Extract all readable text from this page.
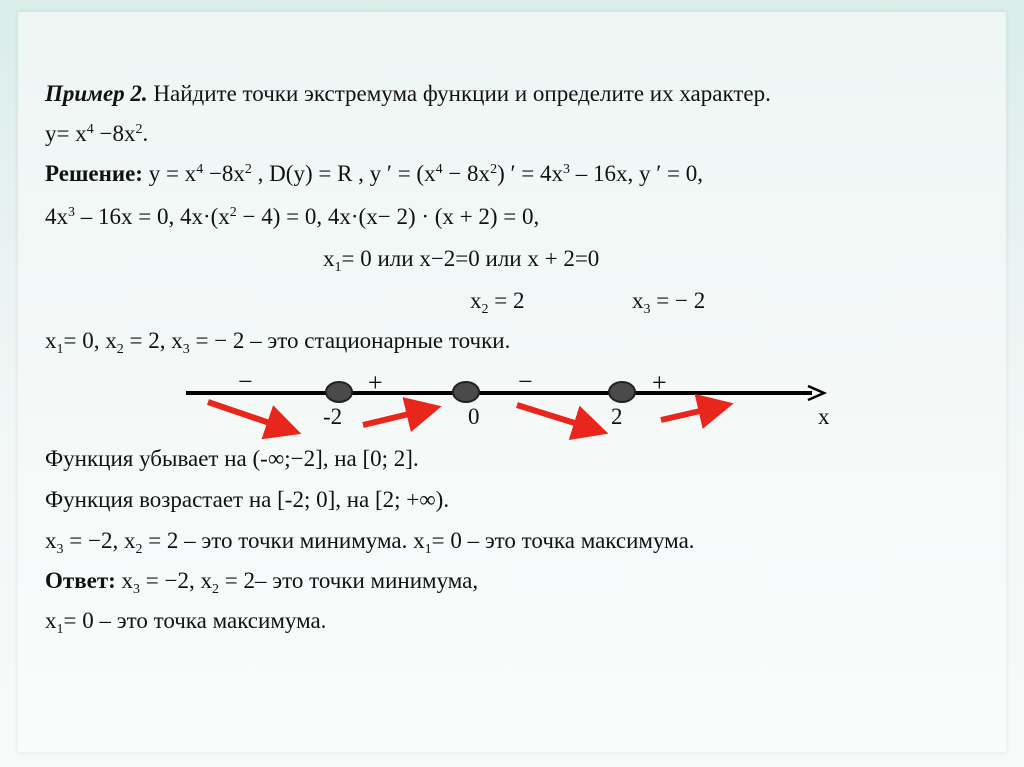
Пример 2. Найдите точки экстремума функции и определите их характер.
$y= x^4 -8x^2$.
Решение: $y = x^4 -8x^2$ , D(y) = R , y ′ = $(x^4 - 8x^2)$ ′ = $4x^3 - 16x$, y ′ = 0,
$4x^3 - 16x = 0$, $4x\cdot(x^2 - 4) = 0$, 4x·(x− 2) · (x + 2) = 0,
$x_1= 0$ или x−2=0 или x + 2=0
$x_2 = 2$	$x_3$ = − 2
$x_1= 0$, $x_2 = 2$, $x_3$ = − 2 – это стационарные точки.
−	+	−	+
-2	0	2	x
Функция убывает на (-∞;−2], на [0; 2].
Функция возрастает на [-2; 0], на [2; +∞).
$x_3 = -2$, $x_2 = 2$ – это точки минимума. $x_1= 0$ – это точка максимума.
Ответ: $x_3 = -2$, $x_2 = 2-$ это точки минимума,
$x_1= 0$ – это точка максимума.
